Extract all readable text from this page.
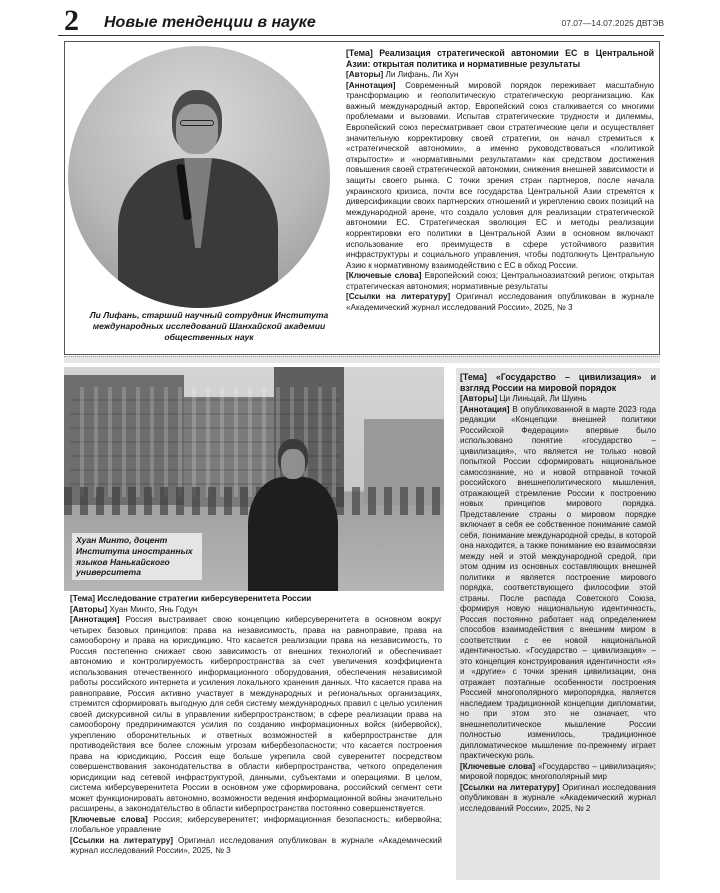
2 Новые тенденции в науке	07.07—14.07.2025 ДВТЭВ
Ли Лифань, старший научный сотрудник Института международных исследований Шанхайской академии общественных наук

[Тема] Реализация стратегической автономии ЕС в Центральной Азии: открытая политика и нормативные результаты

[Авторы] Ли Лифань, Ли Хун

[Аннотация] Современный мировой порядок переживает масштабную трансформацию и геополитическую стратегическую реорганизацию. Как важный международный актор, Европейский союз сталкивается со многими проблемами и вызовами. Испытав стратегические трудности и дилеммы, Европейский союз пересматривает свои стратегические цели и осуществляет значительную корректировку своей стратегии, он начал стремиться к «стратегической автономии», а именно руководствоваться «политикой открытости» и «нормативными результатами» как средством достижения повышения своей стратегической автономии, снижения внешней зависимости и защиты своего рынка. С точки зрения стран партнеров, после начала украинского кризиса, почти все государства Центральной Азии стремятся к диверсификации своих партнерских отношений и укреплению своих позиций на международной арене, что создало условия для реализации стратегической автономии ЕС. Стратегическая эволюция ЕС и методы реализации корректировки его политики в Центральной Азии в основном включают использование его преимуществ в сфере устойчивого развития инфраструктуры и социального управления, чтобы подтолкнуть Центральную Азию к нормативному взаимодействию с ЕС в обход России.

[Ключевые слова] Европейский союз; Центральноазиатский регион; открытая стратегическая автономия; нормативные результаты

[Ссылки на литературу] Оригинал исследования опубликован в журнале «Академический журнал исследований России», 2025, № 3

Хуан Минто, доцент Института иностранных языков Нанькайского университета

[Тема] Исследование стратегии киберсуверенитета России

[Авторы] Хуан Минто, Янь Годун

[Аннотация] Россия выстраивает свою концепцию киберсуверенитета в основном вокруг четырех базовых принципов: права на независимость, права на равноправие, права на самооборону и права на юрисдикцию. Что касается реализации права на независимость, то Россия постепенно снижает свою зависимость от внешних технологий и обеспечивает автономию и контролируемость киберпространства за счет увеличения коэффициента использования отечественного информационного оборудования, обеспечения независимой работы российского интернета и усиления локального хранения данных. Что касается права на равноправие, Россия активно участвует в международных и региональных организациях, стремится сформировать выгодную для себя систему международных правил с целью усиления своей дискурсивной силы в управлении киберпространством; в сфере реализации права на самооборону предпринимаются усилия по созданию информационных войск (кибервойск), укреплению оборонительных и ответных возможностей в киберпространстве для противодействия все более сложным угрозам кибербезопасности; что касается построения права на юрисдикцию, Россия еще больше укрепила свой суверенитет посредством совершенствования законодательства в области киберпространства, четкого определения юрисдикции над сетевой инфраструктурой, данными, субъектами и операциями. В целом, система киберсуверенитета России в основном уже сформирована, российский сегмент сети может функционировать автономно, возможности ведения информационной войны значительно расширены, а законодательство в области киберпространства постоянно совершенствуется.

[Ключевые слова] Россия; киберсуверенитет; информационная безопасность; кибервойна; глобальное управление

[Ссылки на литературу] Оригинал исследования опубликован в журнале «Академический журнал исследований России», 2025, № 3

[Тема] «Государство – цивилизация» и взгляд России на мировой порядок

[Авторы] Ци Линьцай, Ли Шуинь

[Аннотация] В опубликованной в марте 2023 года редакции «Концепции внешней политики Российской Федерации» впервые было использовано понятие «государство – цивилизация», что является не только новой попыткой России сформировать национальное самосознание, но и новой отправной точкой российского внешнеполитического мышления, отражающей стремление России к построению новых принципов мирового порядка. Представление страны о мировом порядке включает в себя ее собственное понимание самой себя, понимание международной среды, в которой она находится, а также понимание ею взаимосвязи между ней и этой международной средой, при этом одним из основных составляющих внешней политики и является построение мирового порядка, соответствующего философии этой страны. После распада Советского Союза, формируя новую национальную идентичность, Россия постоянно работает над определением способов взаимодействия с внешним миром в соответствии с ее новой национальной идентичностью. «Государство – цивилизация» – это концепция конструирования идентичности «я» и «другие» с точки зрения цивилизации, она отражает поэтапные особенности построения Россией многополярного миропорядка, является наследием традиционной концепции дипломатии, но при этом это не означает, что внешнеполитическое мышление России полностью изменилось, традиционное дипломатическое мышление по-прежнему играет практическую роль.

[Ключевые слова] «Государство – цивилизация»; мировой порядок; многополярный мир

[Ссылки на литературу] Оригинал исследования опубликован в журнале «Академический журнал исследований России», 2025, № 2
